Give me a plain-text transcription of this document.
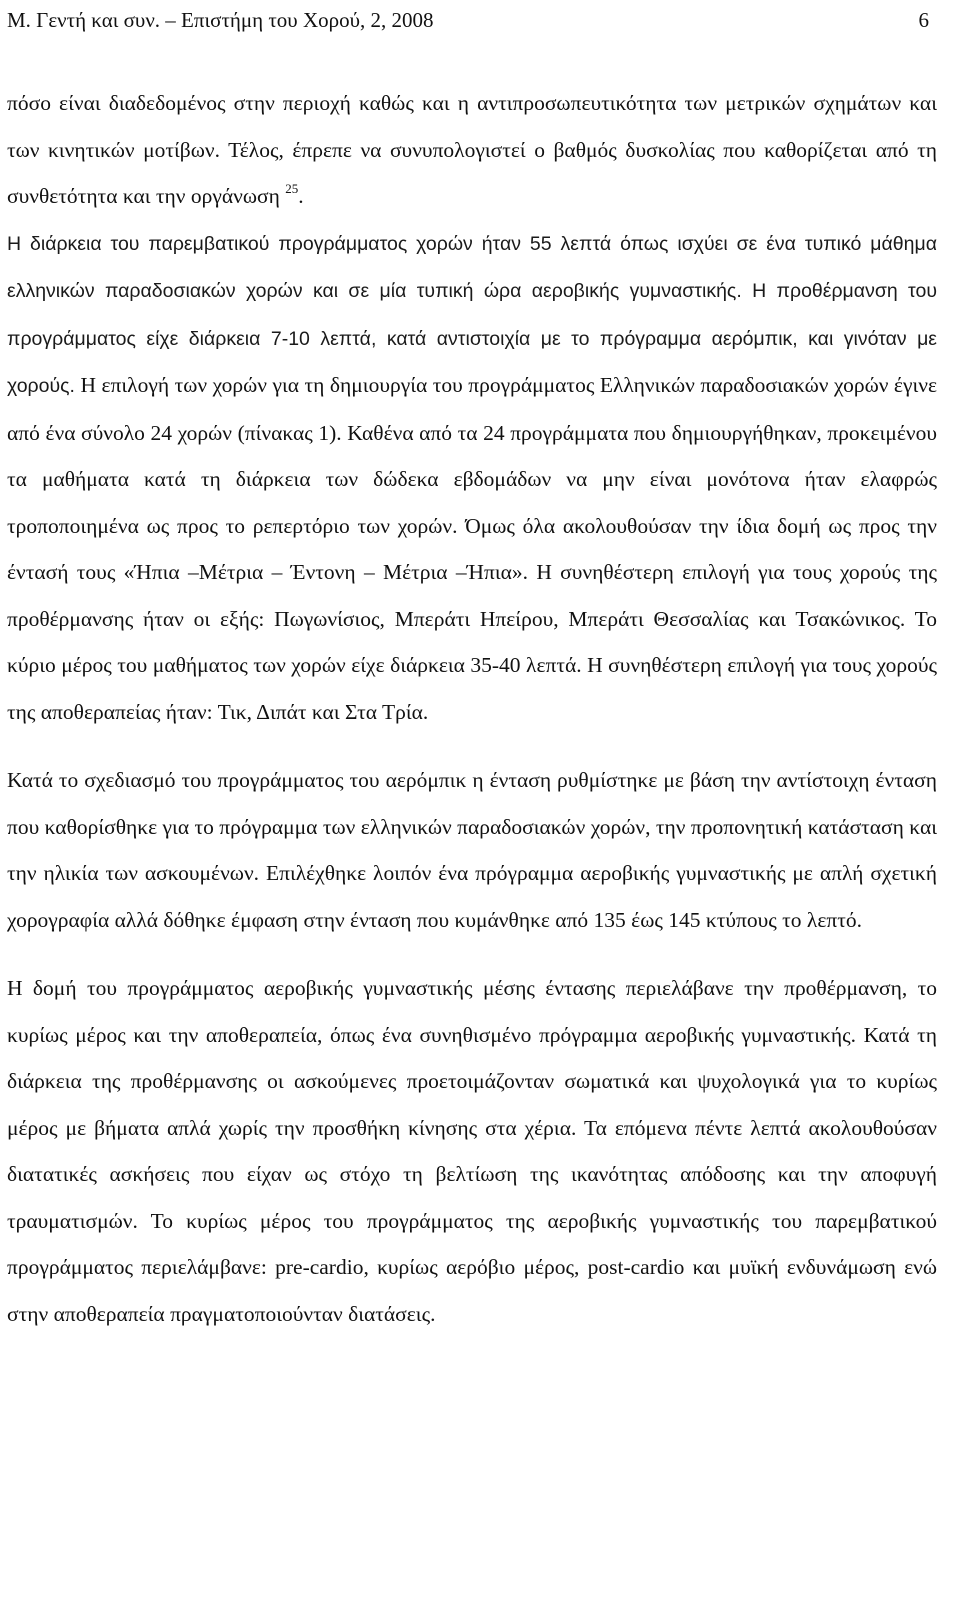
Μ. Γεντή και συν. – Επιστήμη του Χορού, 2, 2008	6

πόσο είναι διαδεδομένος στην περιοχή καθώς και η αντιπροσωπευτικότητα των μετρικών σχημάτων και των κινητικών μοτίβων. Τέλος, έπρεπε να συνυπολογιστεί ο βαθμός δυσκολίας που καθορίζεται από τη συνθετότητα και την οργάνωση $^{25}$.

Η διάρκεια του παρεμβατικού προγράμματος χορών ήταν 55 λεπτά όπως ισχύει σε ένα τυπικό μάθημα ελληνικών παραδοσιακών χορών και σε μία τυπική ώρα αεροβικής γυμναστικής. Η προθέρμανση του προγράμματος είχε διάρκεια 7-10 λεπτά, κατά αντιστοιχία με το πρόγραμμα αερόμπικ, και γινόταν με χορούς. Η επιλογή των χορών για τη δημιουργία του προγράμματος Ελληνικών παραδοσιακών χορών έγινε από ένα σύνολο 24 χορών (πίνακας 1). Καθένα από τα 24 προγράμματα που δημιουργήθηκαν, προκειμένου τα μαθήματα κατά τη διάρκεια των δώδεκα εβδομάδων να μην είναι μονότονα ήταν ελαφρώς τροποποιημένα ως προς το ρεπερτόριο των χορών. Όμως όλα ακολουθούσαν την ίδια δομή ως προς την έντασή τους «Ήπια –Μέτρια – Έντονη – Μέτρια –Ήπια». Η συνηθέστερη επιλογή για τους χορούς της προθέρμανσης ήταν οι εξής: Πωγωνίσιος, Μπεράτι Ηπείρου, Μπεράτι Θεσσαλίας και Τσακώνικος. Το κύριο μέρος του μαθήματος των χορών είχε διάρκεια 35-40 λεπτά. Η συνηθέστερη επιλογή για τους χορούς της αποθεραπείας ήταν: Τικ, Διπάτ και Στα Τρία.

Κατά το σχεδιασμό του προγράμματος του αερόμπικ η ένταση ρυθμίστηκε με βάση την αντίστοιχη ένταση που καθορίσθηκε για το πρόγραμμα των ελληνικών παραδοσιακών χορών, την προπονητική κατάσταση και την ηλικία των ασκουμένων. Επιλέχθηκε λοιπόν ένα πρόγραμμα αεροβικής γυμναστικής με απλή σχετική χορογραφία αλλά δόθηκε έμφαση στην ένταση που κυμάνθηκε από 135 έως 145 κτύπους το λεπτό.

Η δομή του προγράμματος αεροβικής γυμναστικής μέσης έντασης περιελάβανε την προθέρμανση, το κυρίως μέρος και την αποθεραπεία, όπως ένα συνηθισμένο πρόγραμμα αεροβικής γυμναστικής. Κατά τη διάρκεια της προθέρμανσης οι ασκούμενες προετοιμάζονταν σωματικά και ψυχολογικά για το κυρίως μέρος με βήματα απλά χωρίς την προσθήκη κίνησης στα χέρια. Τα επόμενα πέντε λεπτά ακολουθούσαν διατατικές ασκήσεις που είχαν ως στόχο τη βελτίωση της ικανότητας απόδοσης και την αποφυγή τραυματισμών. Το κυρίως μέρος του προγράμματος της αεροβικής γυμναστικής του παρεμβατικού προγράμματος περιελάμβανε: pre-cardio, κυρίως αερόβιο μέρος, post-cardio και μυϊκή ενδυνάμωση ενώ στην αποθεραπεία πραγματοποιούνταν διατάσεις.
